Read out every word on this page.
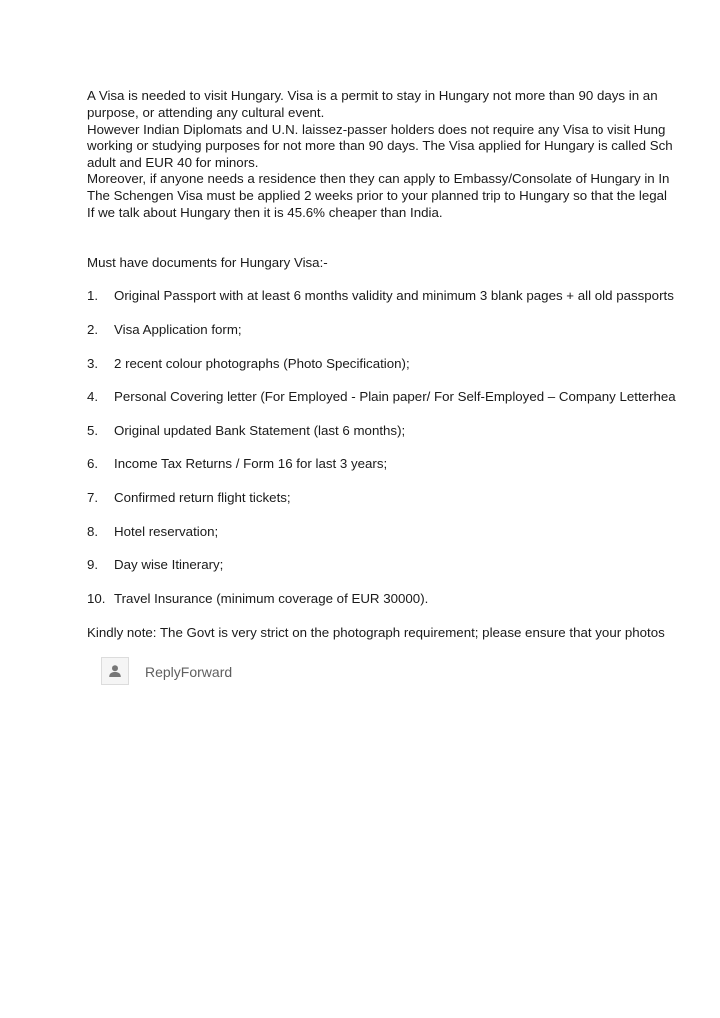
A Visa is needed to visit Hungary. Visa is a permit to stay in Hungary not more than 90 days in an
purpose, or attending any cultural event.
However Indian Diplomats and U.N. laissez-passer holders does not require any Visa to visit Hung
working or studying purposes for not more than 90 days. The Visa applied for Hungary is called Sch
adult and EUR 40 for minors.
Moreover, if anyone needs a residence then they can apply to Embassy/Consolate of Hungary in In
The Schengen Visa must be applied 2 weeks prior to your planned trip to Hungary so that the legal
If we talk about Hungary then it is 45.6% cheaper than India.
Must have documents for Hungary Visa:-
1. Original Passport with at least 6 months validity and minimum 3 blank pages + all old passports
2. Visa Application form;
3. 2 recent colour photographs (Photo Specification);
4. Personal Covering letter (For Employed - Plain paper/ For Self-Employed – Company Letterhea
5. Original updated Bank Statement (last 6 months);
6. Income Tax Returns / Form 16 for last 3 years;
7. Confirmed return flight tickets;
8. Hotel reservation;
9. Day wise Itinerary;
10. Travel Insurance (minimum coverage of EUR 30000).
Kindly note: The Govt is very strict on the photograph requirement; please ensure that your photos
ReplyForward
